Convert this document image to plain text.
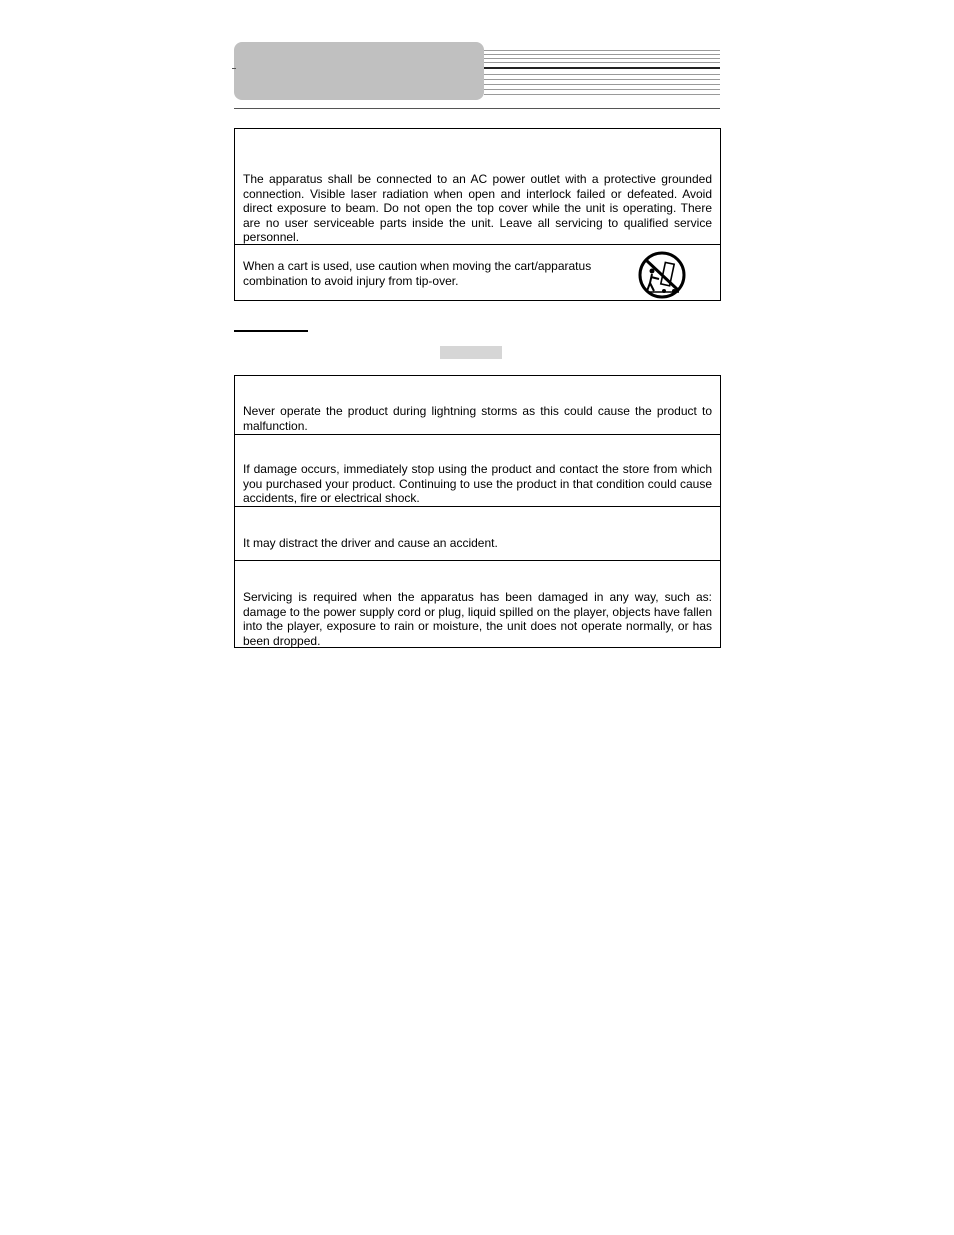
The apparatus shall be connected to an AC power outlet with a protective grounded connection. Visible laser radiation when open and interlock failed or defeated. Avoid direct exposure to beam. Do not open the top cover while the unit is operating. There are no user serviceable parts inside the unit. Leave all servicing to qualified service personnel.

When a cart is used, use caution when moving the cart/apparatus combination to avoid injury from tip-over.

Never operate the product during lightning storms as this could cause the product to malfunction.

If damage occurs, immediately stop using the product and contact the store from which you purchased your product. Continuing to use the product in that condition could cause accidents, fire or electrical shock.

It may distract the driver and cause an accident.

Servicing is required when the apparatus has been damaged in any way, such as: damage to the power supply cord or plug, liquid spilled on the player, objects have fallen into the player, exposure to rain or moisture, the unit does not operate normally, or has been dropped.
